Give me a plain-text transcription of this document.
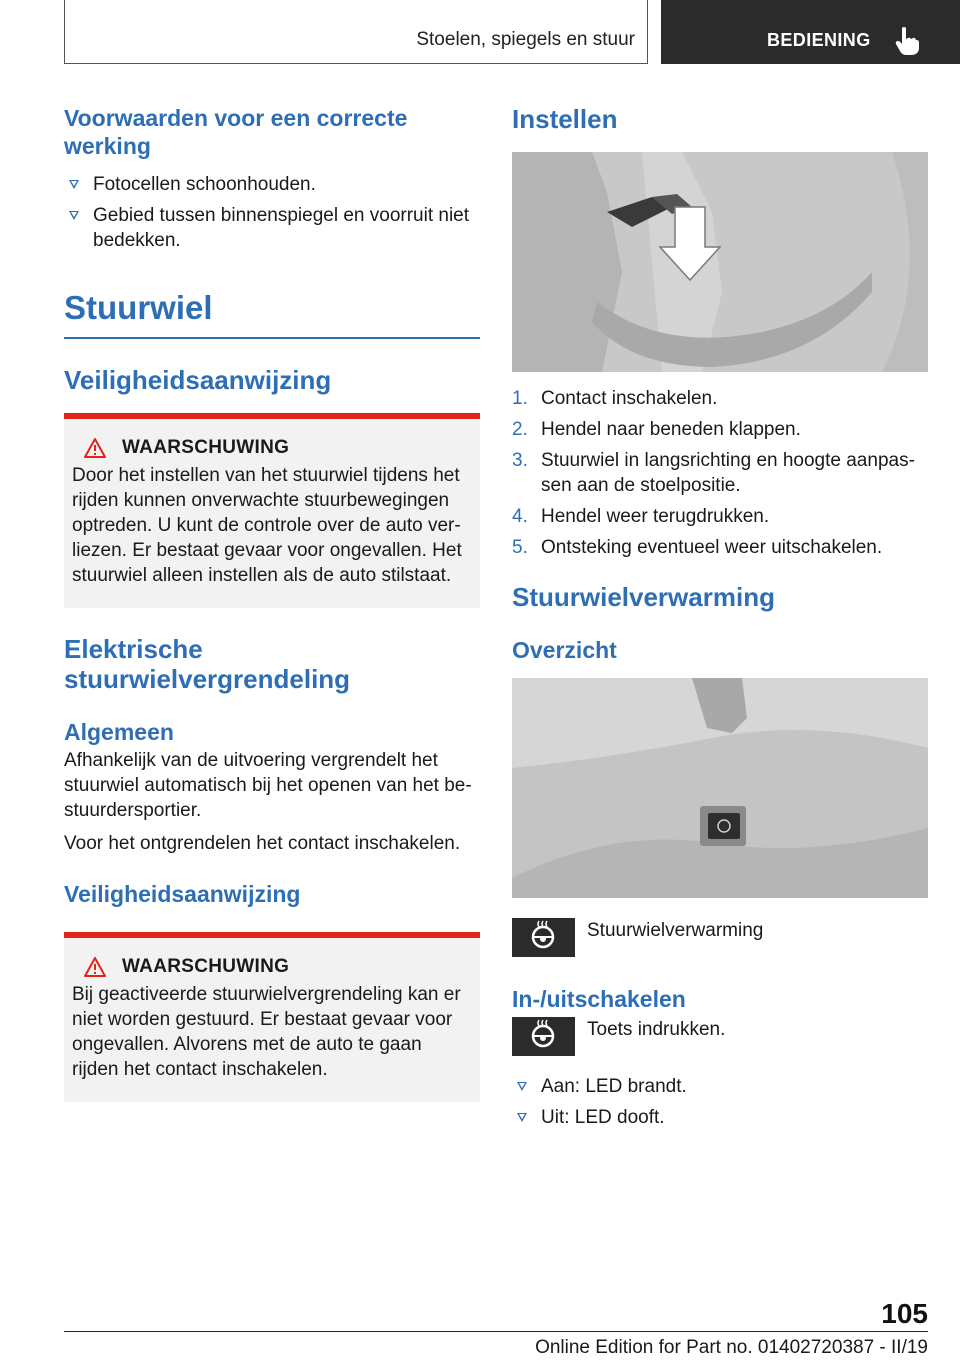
Stoelen, spiegels en stuur	BEDIENING
Voorwaarden voor een correcte werking
Fotocellen schoonhouden.
Gebied tussen binnenspiegel en voorruit niet bedekken.
Stuurwiel
Veiligheidsaanwijzing
WAARSCHUWING
Door het instellen van het stuurwiel tijdens het rijden kunnen onverwachte stuurbewegingen optreden. U kunt de controle over de auto verliezen. Er bestaat gevaar voor ongevallen. Het stuurwiel alleen instellen als de auto stilstaat.
Elektrische stuurwielvergrendeling
Algemeen

Afhankelijk van de uitvoering vergrendelt het stuurwiel automatisch bij het openen van het bestuurdersportier.

Voor het ontgrendelen het contact inschakelen.

Veiligheidsaanwijzing
WAARSCHUWING
Bij geactiveerde stuurwielvergrendeling kan er niet worden gestuurd. Er bestaat gevaar voor ongevallen. Alvorens met de auto te gaan rijden het contact inschakelen.
Instellen
1. Contact inschakelen.
2. Hendel naar beneden klappen.
3. Stuurwiel in langsrichting en hoogte aanpassen aan de stoelpositie.
4. Hendel weer terugdrukken.
5. Ontsteking eventueel weer uitschakelen.
Stuurwielverwarming
Overzicht
Stuurwielverwarming
In-/uitschakelen
Toets indrukken.
Aan: LED brandt.
Uit: LED dooft.
105
Online Edition for Part no. 01402720387 - II/19
